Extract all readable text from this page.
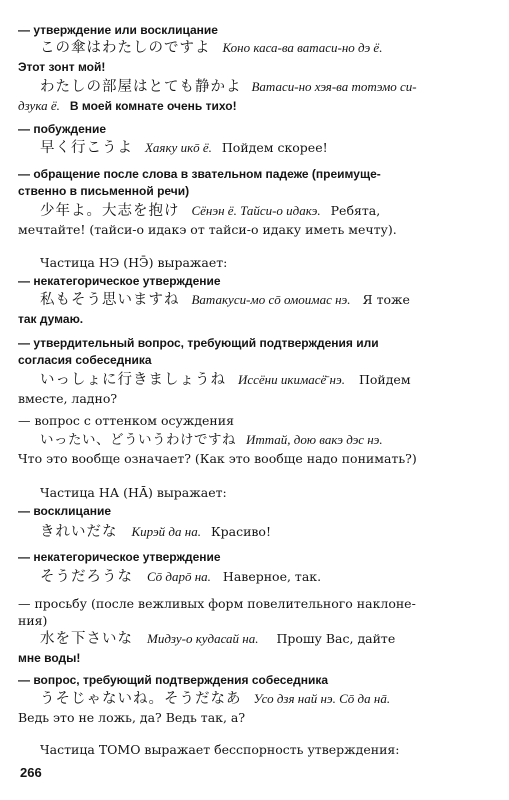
— утверждение или восклицание
この傘はわたしのですよ Коно каса-ва ватаси-но дэ ё.
Этот зонт мой!
わたしの部屋はとても静かよ Ватаси-но хэя-ва тотэмо си-
дзука ё. В моей комнате очень тихо!
— побуждение
早く行こうよ Хаяку икō ё. Пойдем скорее!
— обращение после слова в звательном падеже (преимуще-
ственно в письменной речи)
少年よ。大志を抱け Сёнэн ё. Тайси-о идакэ. Ребята,
мечтайте! (тайси-о идакэ от тайси-о идаку иметь мечту).
Частица НЭ (НЭ̄) выражает:
— некатегорическое утверждение
私もそう思いますね Ватакуси-мо сō омоимас нэ. Я тоже
так думаю.
— утвердительный вопрос, требующий подтверждения или
согласия собеседника
いっしょに行きましょうね Иссёни икимасё̄ нэ. Пойдем
вместе, ладно?
— вопрос с оттенком осуждения
いったい、どういうわけですね Иттай, дою вакэ дэс нэ.
Что это вообще означает? (Как это вообще надо понимать?)
Частица НА (НĀ) выражает:
— восклицание
きれいだな Кирэй да на. Красиво!
— некатегорическое утверждение
そうだろうな Сō дарō на. Наверное, так.
— просьбу (после вежливых форм повелительного наклоне-
ния)
水を下さいな Мидзу-о кудасай на. Прошу Вас, дайте
мне воды!
— вопрос, требующий подтверждения собеседника
うそじゃないね。そうだなあ Усо дзя най нэ. Сō да нā.
Ведь это не ложь, да? Ведь так, а?
Частица ТОМО выражает бесспорность утверждения:
266
